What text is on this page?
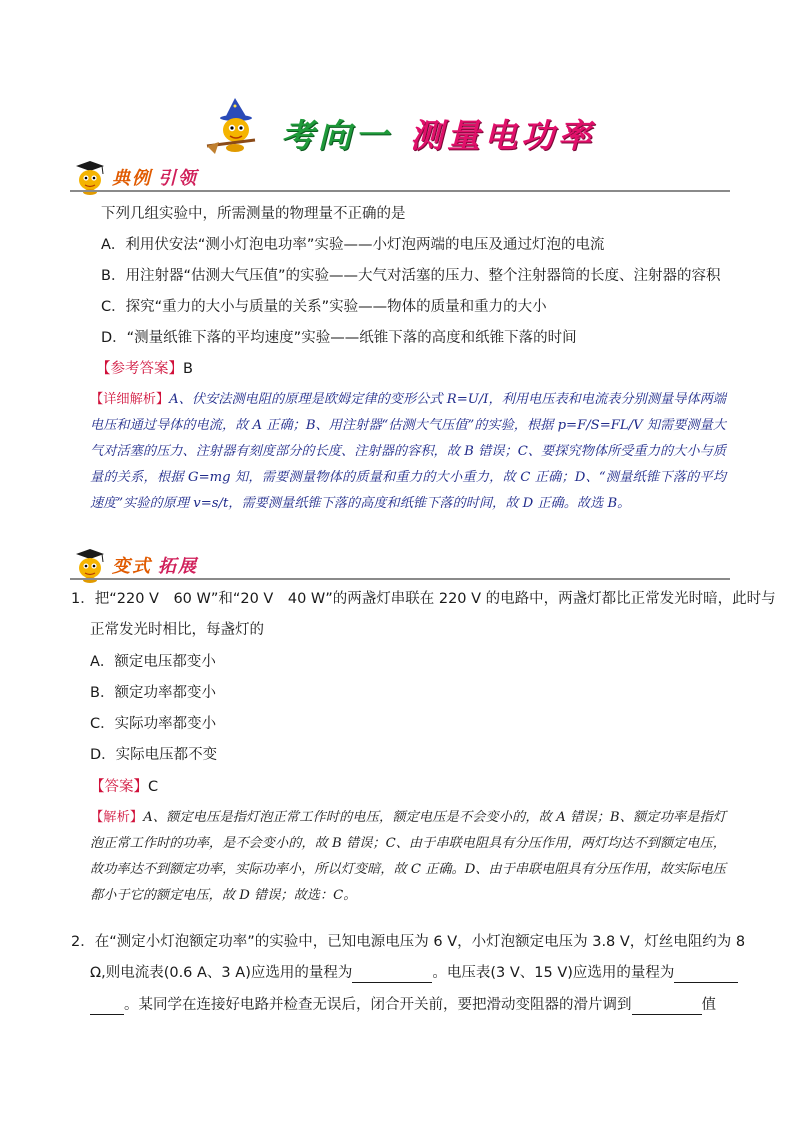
考向一 测量电功率
典例 引领
下列几组实验中，所需测量的物理量不正确的是
A．利用伏安法“测小灯泡电功率”实验——小灯泡两端的电压及通过灯泡的电流
B．用注射器“估测大气压值”的实验——大气对活塞的压力、整个注射器筒的长度、注射器的容积
C．探究“重力的大小与质量的关系”实验——物体的质量和重力的大小
D．“测量纸锥下落的平均速度”实验——纸锥下落的高度和纸锥下落的时间
【参考答案】B
【详细解析】A、伏安法测电阻的原理是欧姆定律的变形公式 R=U/I，利用电压表和电流表分别测量导体两端电压和通过导体的电流，故 A 正确；B、用注射器“估测大气压值”的实验，根据 p=F/S=FL/V 知需要测量大气对活塞的压力、注射器有刻度部分的长度、注射器的容积，故 B 错误；C、要探究物体所受重力的大小与质量的关系，根据 G=mg 知，需要测量物体的质量和重力的大小重力，故 C 正确；D、“测量纸锥下落的平均速度”实验的原理 v=s/t，需要测量纸锥下落的高度和纸锥下落的时间，故 D 正确。故选 B。
变式 拓展
1．把“220 V　60 W”和“20 V　40 W”的两盏灯串联在 220 V 的电路中，两盏灯都比正常发光时暗，此时与
正常发光时相比，每盏灯的
A．额定电压都变小
B．额定功率都变小
C．实际功率都变小
D．实际电压都不变
【答案】C
【解析】A、额定电压是指灯泡正常工作时的电压，额定电压是不会变小的，故 A 错误；B、额定功率是指灯泡正常工作时的功率，是不会变小的，故 B 错误；C、由于串联电阻具有分压作用，两灯均达不到额定电压，故功率达不到额定功率，实际功率小，所以灯变暗，故 C 正确。D、由于串联电阻具有分压作用，故实际电压都小于它的额定电压，故 D 错误；故选：C。
2．在“测定小灯泡额定功率”的实验中，已知电源电压为 6 V，小灯泡额定电压为 3.8 V，灯丝电阻约为 8
Ω,则电流表(0.6 A、3 A)应选用的量程为	。电压表(3 V、15 V)应选用的量程为
。某同学在连接好电路并检查无误后，闭合开关前，要把滑动变阻器的滑片调到	值
